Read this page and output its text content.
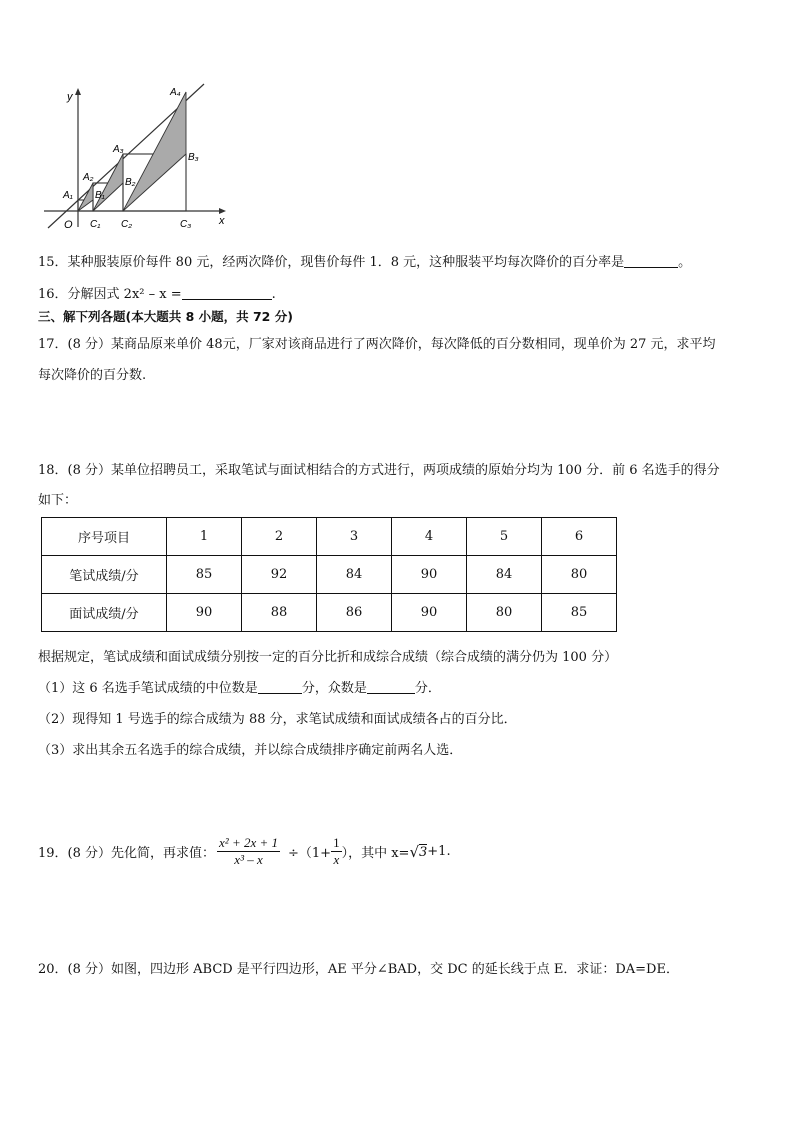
y
x
O
A₁
A₂
A₃
A₄
B₁
B₂
B₃
C₁ C₂	C₃
15．某种服装原价每件 80 元，经两次降价，现售价每件 1．8 元，这种服装平均每次降价的百分率是	。
16．分解因式 2x² – x =	.
三、解下列各题(本大题共 8 小题，共 72 分)
17．(8 分）某商品原来单价 48元，厂家对该商品进行了两次降价，每次降低的百分数相同，现单价为 27 元，求平均
每次降价的百分数.
18．(8 分）某单位招聘员工，采取笔试与面试相结合的方式进行，两项成绩的原始分均为 100 分．前 6 名选手的得分
如下：
序号项目	1	2	3	4	5	6
笔试成绩/分	85	92	84	90	84	80
面试成绩/分	90	88	86	90	80	85
根据规定，笔试成绩和面试成绩分别按一定的百分比折和成综合成绩（综合成绩的满分仍为 100 分）
（1）这 6 名选手笔试成绩的中位数是	分，众数是	分．
（2）现得知 1 号选手的综合成绩为 88 分，求笔试成绩和面试成绩各占的百分比．
（3）求出其余五名选手的综合成绩，并以综合成绩排序确定前两名人选．
19．(8 分）先化简，再求值： $\frac{\text{x² + 2x + 1}}{\text{x³ – x}} \div(1+ \frac{1}{x}$ ），其中 x= √ 3 +1.
20．(8 分）如图，四边形 ABCD 是平行四边形，AE 平分∠BAD，交 DC 的延长线于点 E．求证：DA=DE．
